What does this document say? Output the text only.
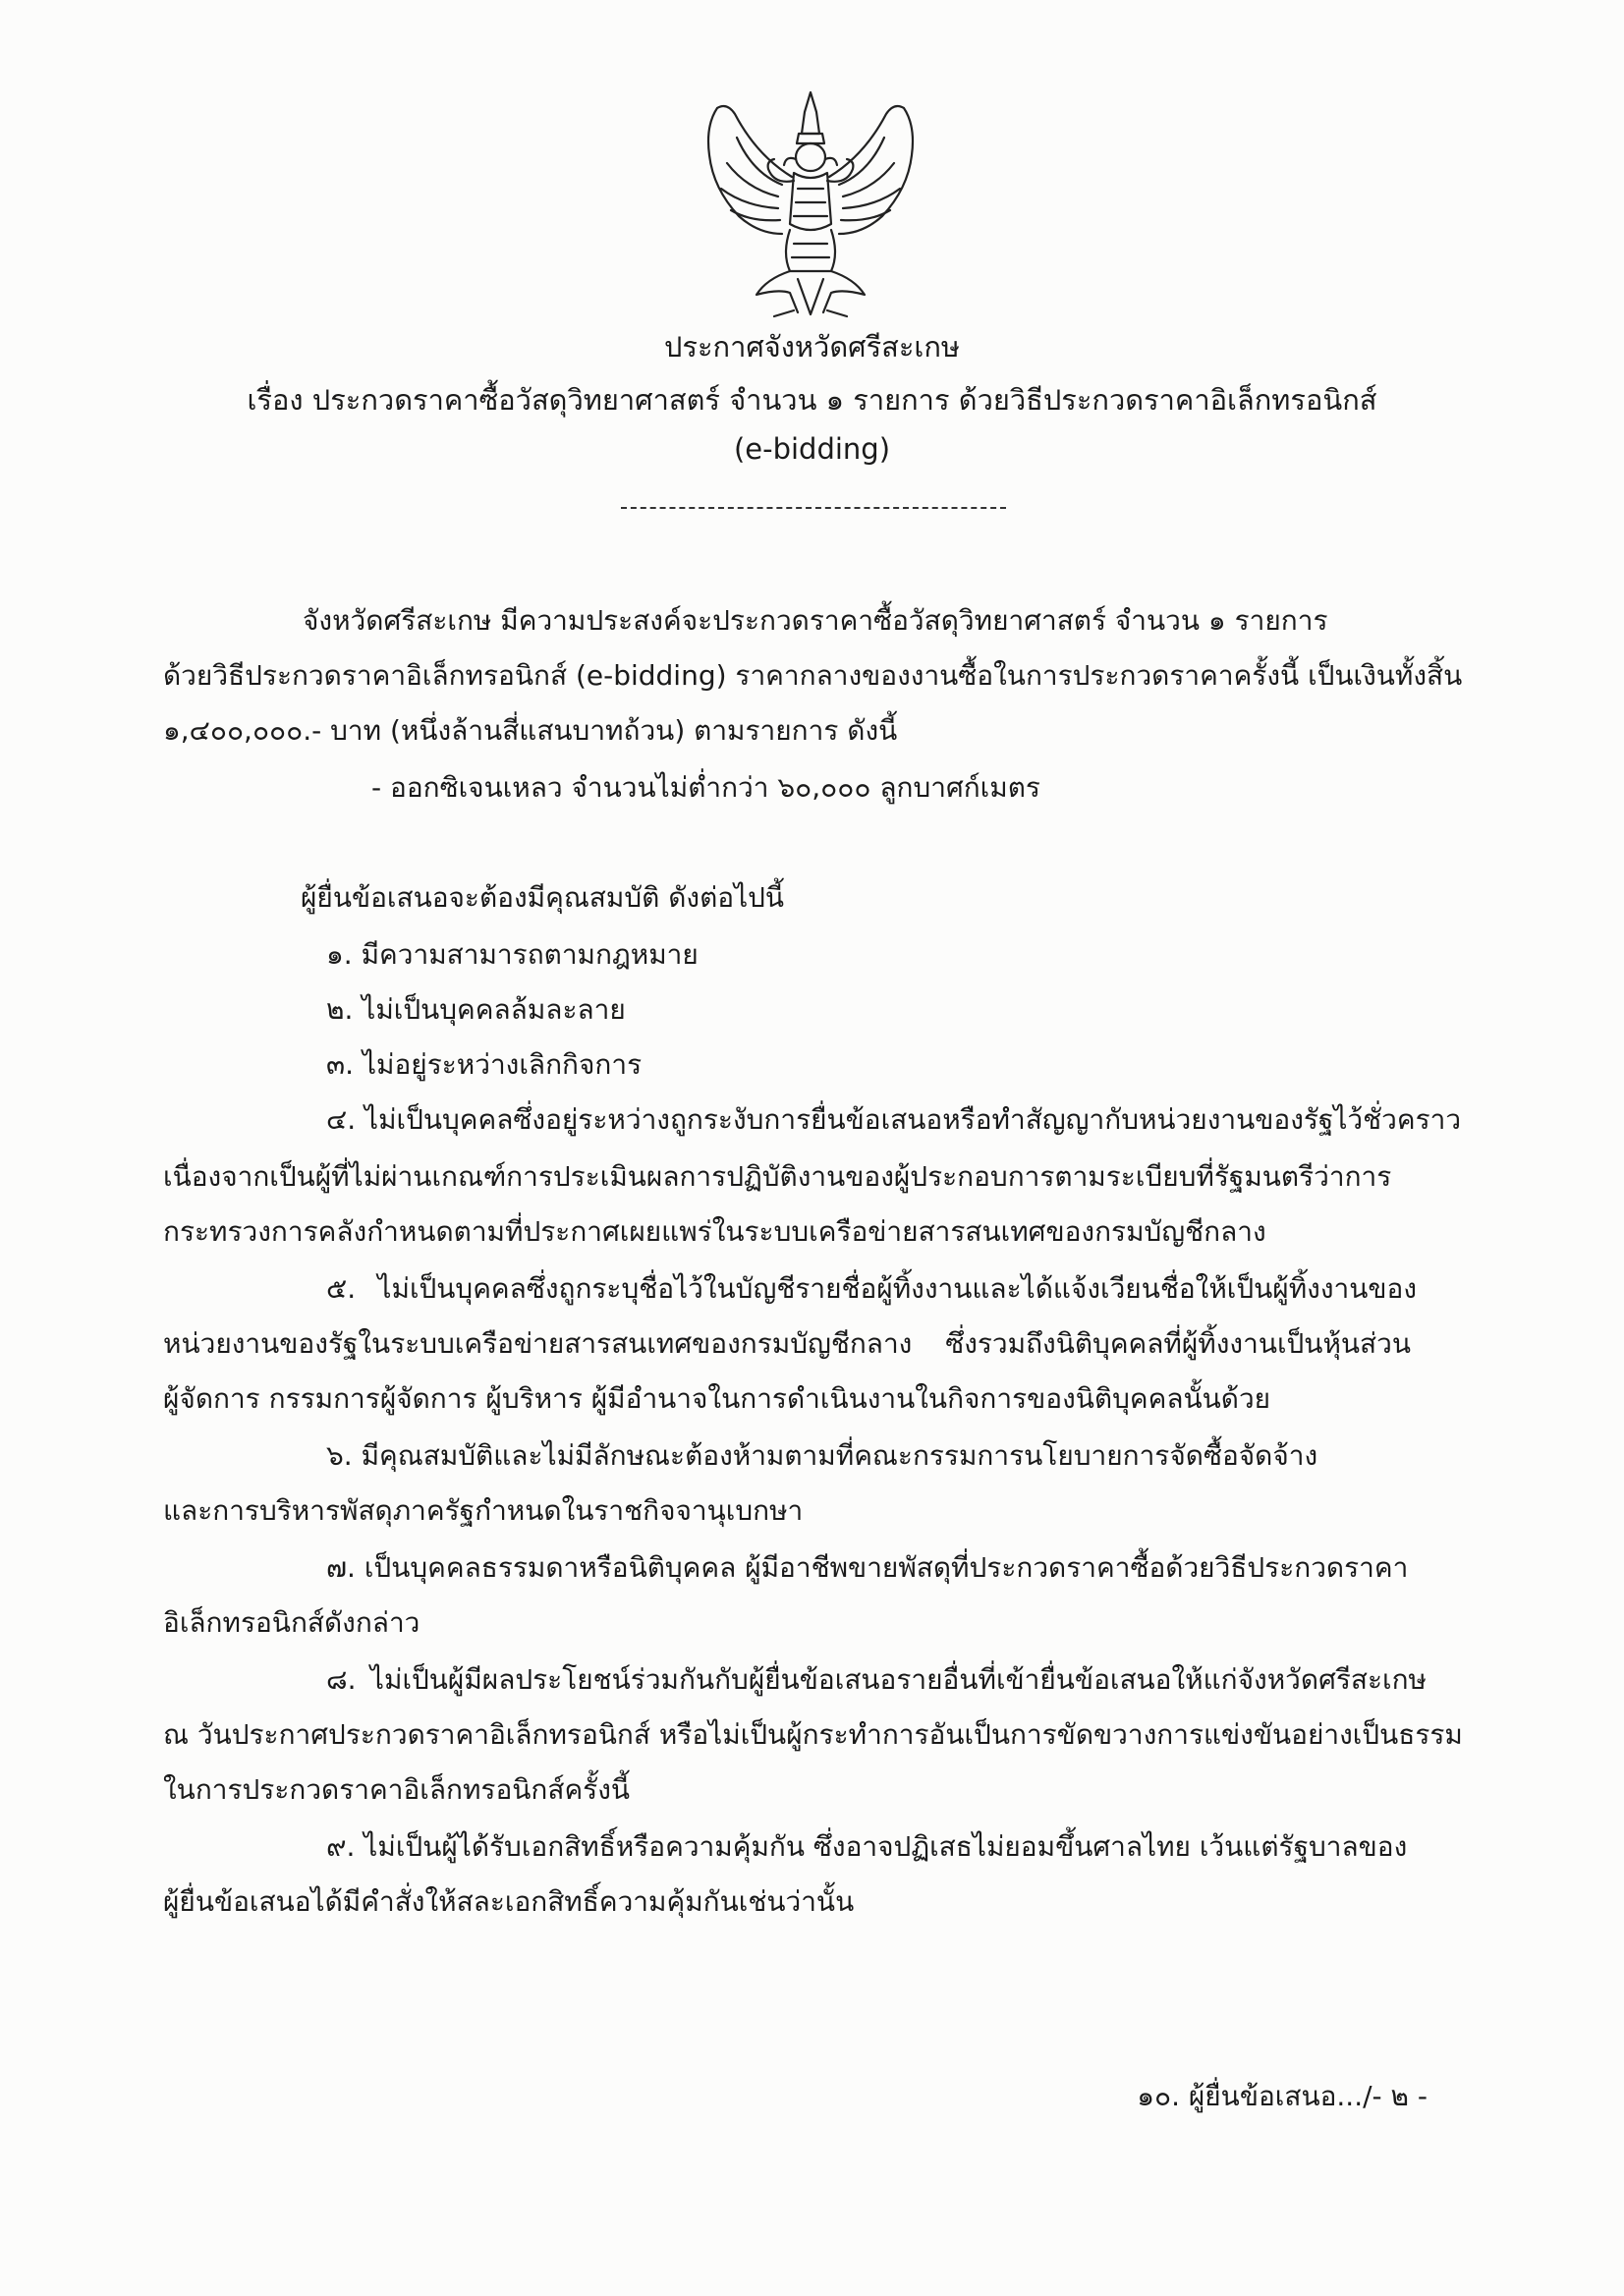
ประกาศจังหวัดศรีสะเกษ
เรื่อง ประกวดราคาซื้อวัสดุวิทยาศาสตร์ จำนวน ๑ รายการ ด้วยวิธีประกวดราคาอิเล็กทรอนิกส์
(e-bidding)
จังหวัดศรีสะเกษ มีความประสงค์จะประกวดราคาซื้อวัสดุวิทยาศาสตร์ จำนวน ๑ รายการ
ด้วยวิธีประกวดราคาอิเล็กทรอนิกส์ (e-bidding) ราคากลางของงานซื้อในการประกวดราคาครั้งนี้ เป็นเงินทั้งสิ้น
๑,๔๐๐,๐๐๐.- บาท (หนึ่งล้านสี่แสนบาทถ้วน) ตามรายการ ดังนี้
- ออกซิเจนเหลว จำนวนไม่ต่ำกว่า ๖๐,๐๐๐ ลูกบาศก์เมตร
ผู้ยื่นข้อเสนอจะต้องมีคุณสมบัติ ดังต่อไปนี้
๑. มีความสามารถตามกฎหมาย
๒. ไม่เป็นบุคคลล้มละลาย
๓. ไม่อยู่ระหว่างเลิกกิจการ
๔. ไม่เป็นบุคคลซึ่งอยู่ระหว่างถูกระงับการยื่นข้อเสนอหรือทำสัญญากับหน่วยงานของรัฐไว้ชั่วคราว
เนื่องจากเป็นผู้ที่ไม่ผ่านเกณฑ์การประเมินผลการปฏิบัติงานของผู้ประกอบการตามระเบียบที่รัฐมนตรีว่าการ
กระทรวงการคลังกำหนดตามที่ประกาศเผยแพร่ในระบบเครือข่ายสารสนเทศของกรมบัญชีกลาง
๕. ไม่เป็นบุคคลซึ่งถูกระบุชื่อไว้ในบัญชีรายชื่อผู้ทิ้งงานและได้แจ้งเวียนชื่อให้เป็นผู้ทิ้งงานของ
หน่วยงานของรัฐในระบบเครือข่ายสารสนเทศของกรมบัญชีกลาง ซึ่งรวมถึงนิติบุคคลที่ผู้ทิ้งงานเป็นหุ้นส่วน
ผู้จัดการ กรรมการผู้จัดการ ผู้บริหาร ผู้มีอำนาจในการดำเนินงานในกิจการของนิติบุคคลนั้นด้วย
๖. มีคุณสมบัติและไม่มีลักษณะต้องห้ามตามที่คณะกรรมการนโยบายการจัดซื้อจัดจ้าง
และการบริหารพัสดุภาครัฐกำหนดในราชกิจจานุเบกษา
๗. เป็นบุคคลธรรมดาหรือนิติบุคคล ผู้มีอาชีพขายพัสดุที่ประกวดราคาซื้อด้วยวิธีประกวดราคา
อิเล็กทรอนิกส์ดังกล่าว
๘. ไม่เป็นผู้มีผลประโยชน์ร่วมกันกับผู้ยื่นข้อเสนอรายอื่นที่เข้ายื่นข้อเสนอให้แก่จังหวัดศรีสะเกษ
ณ วันประกาศประกวดราคาอิเล็กทรอนิกส์ หรือไม่เป็นผู้กระทำการอันเป็นการขัดขวางการแข่งขันอย่างเป็นธรรม
ในการประกวดราคาอิเล็กทรอนิกส์ครั้งนี้
๙. ไม่เป็นผู้ได้รับเอกสิทธิ์หรือความคุ้มกัน ซึ่งอาจปฏิเสธไม่ยอมขึ้นศาลไทย เว้นแต่รัฐบาลของ
ผู้ยื่นข้อเสนอได้มีคำสั่งให้สละเอกสิทธิ์ความคุ้มกันเช่นว่านั้น
๑๐. ผู้ยื่นข้อเสนอ.../- ๒ -
